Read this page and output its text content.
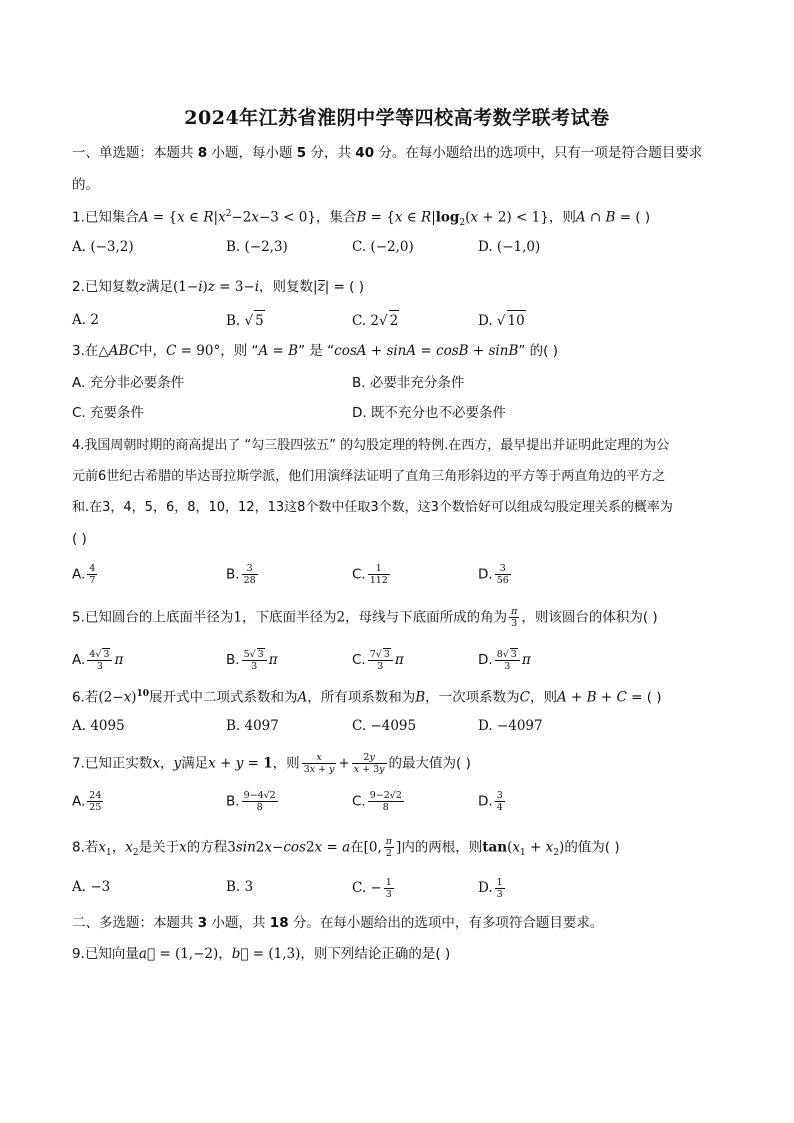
2024年江苏省淮阴中学等四校高考数学联考试卷
一、单选题：本题共 8 小题，每小题 5 分，共 40 分。在每小题给出的选项中，只有一项是符合题目要求
的。
1.已知集合A = {x ∈ $R|x^2-2x-3 < 0$}，集合B = {x ∈ $R|\log_2(x + 2) < 1$}，则A ∩ B = ( )
A. (−3,2)	B. (−2,3)	C. (−2,0)	D. (−1,0)
2.已知复数z满足(1−i)z = 3−i，则复数|z| = ( )
A. 2	B. √ 5	C. 2√ 2	D. √ 10
3.在△ABC中，C = 90°，则 “A = B” 是 “cosA + sinA = cosB + sinB” 的( )
A. 充分非必要条件	B. 必要非充分条件
C. 充要条件	D. 既不充分也不必要条件
4.我国周朝时期的商高提出了 “勾三股四弦五” 的勾股定理的特例.在西方，最早提出并证明此定理的为公
元前6世纪古希腊的毕达哥拉斯学派，他们用演绎法证明了直角三角形斜边的平方等于两直角边的平方之
和.在3，4，5，6，8，10，12，13这8个数中任取3个数，这3个数恰好可以组成勾股定理关系的概率为
( )
A. $\frac{4}{7}$	B. $\frac{3}{28}$	C. $\frac{1}{112}$	D. $\frac{3}{56}$
5.已知圆台的上底面半径为1，下底面半径为2，母线与下底面所成的角为 $\frac{\pi}{3}$ ，则该圆台的体积为( )
A. $\frac{4√ 3}{3}$ π	B. $\frac{5√ 3}{3}$ π	C. $\frac{7√ 3}{3}$ π	D. $\frac{8√ 3}{3}$ π
6.若$(2-x)^{10}$展开式中二项式系数和为A，所有项系数和为B，一次项系数为C，则A + B + C = ( )
A. 4095	B. 4097	C. −4095	D. −4097
7.已知正实数x，y满足x + y = 1，则 $\frac{x}{3x + y} + \frac{2y}{x + 3y}$ 的最大值为( )
A. $\frac{24}{25}$	B. $\frac{9-4√2}{8}$	C. $\frac{9-2√2}{8}$	D. $\frac{3}{4}$
8.若$x_1$，$x_2$是关于x的方程3sin2x−cos2x = a在[0, $\frac{\pi}{2}$ ]内的两根，则$\tan(x_1 + x_2)$的值为( )
A. −3	B. 3	C. − $\frac{1}{3}$	D. $\frac{1}{3}$
二、多选题：本题共 3 小题，共 18 分。在每小题给出的选项中，有多项符合题目要求。
9.已知向量a⃗ = (1,−2)，b⃗ = (1,3)，则下列结论正确的是( )
